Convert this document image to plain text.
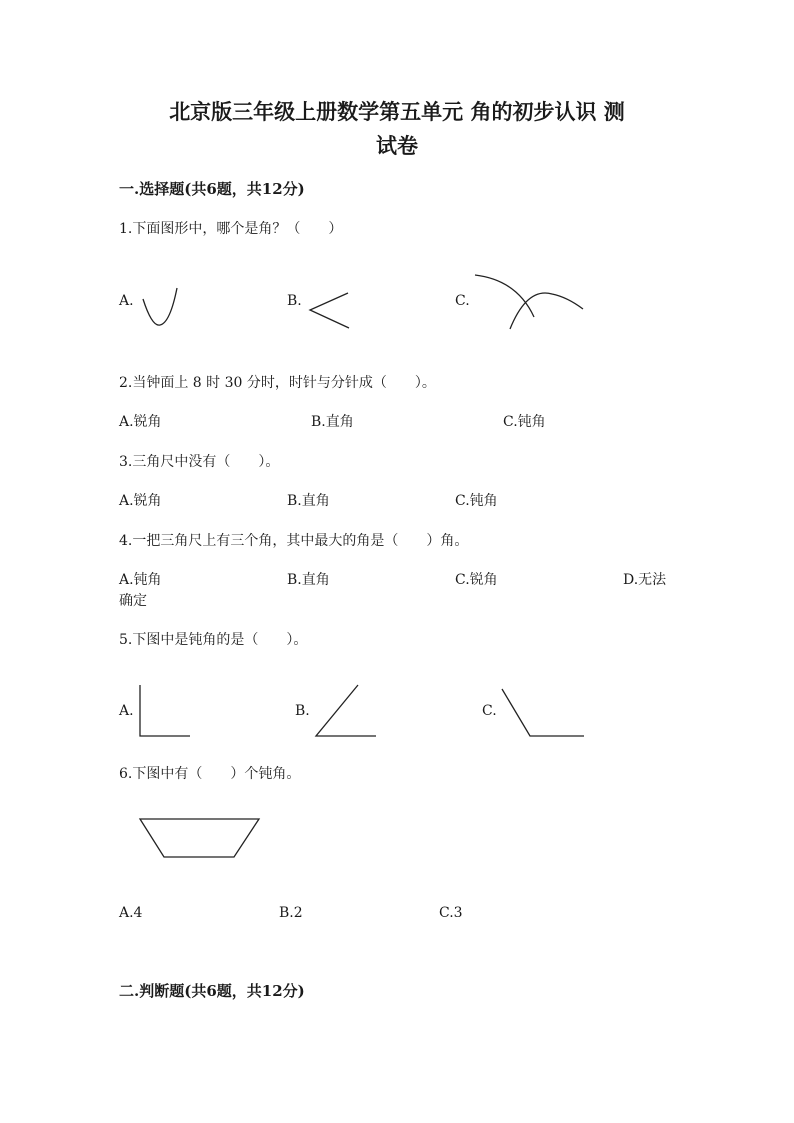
北京版三年级上册数学第五单元 角的初步认识 测
试卷
一.选择题(共6题，共12分)
1.下面图形中，哪个是角？（　　）
A.	B.	C.
2.当钟面上 8 时 30 分时，时针与分针成（　　）。
A.锐角	B.直角	C.钝角
3.三角尺中没有（　　）。
A.锐角	B.直角	C.钝角
4.一把三角尺上有三个角，其中最大的角是（　　）角。
A.钝角	B.直角	C.锐角	D.无法
确定
5.下图中是钝角的是（　　）。
A.	B.	C.
6.下图中有（　　）个钝角。
A.4	B.2	C.3
二.判断题(共6题，共12分)
